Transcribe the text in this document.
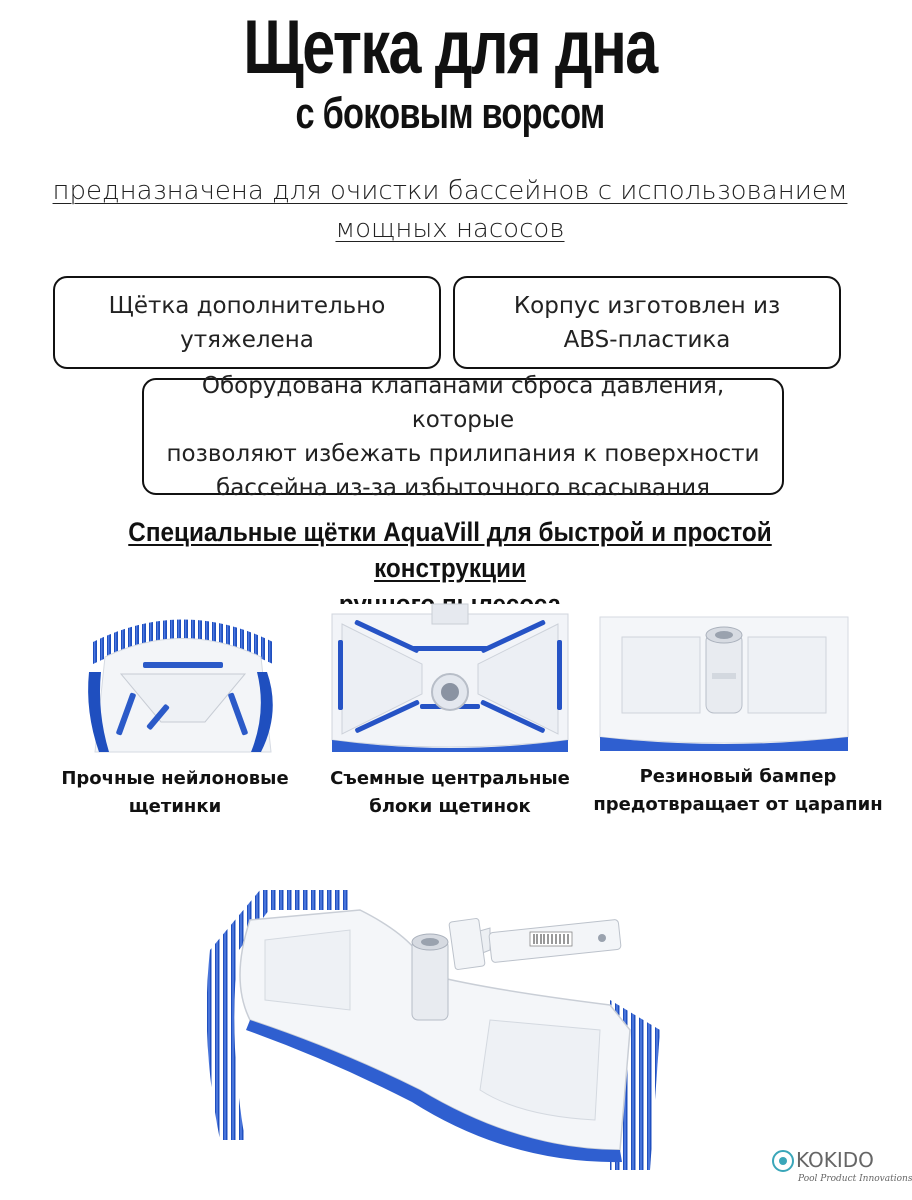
Щетка для дна
с боковым ворсом
предназначена для очистки бассейнов с использованием
мощных насосов
Щётка дополнительно
утяжелена
Корпус изготовлен из
ABS-пластика
Оборудована клапанами сброса давления, которые
позволяют избежать прилипания к поверхности
бассейна из-за избыточного всасывания
Специальные щётки AquaVill для быстрой и простой конструкции

Прочные нейлоновые
щетинки
Съемные центральные
блоки щетинок
Резиновый бампер
предотвращает от царапин
KOKIDO
Pool Product Innovations
